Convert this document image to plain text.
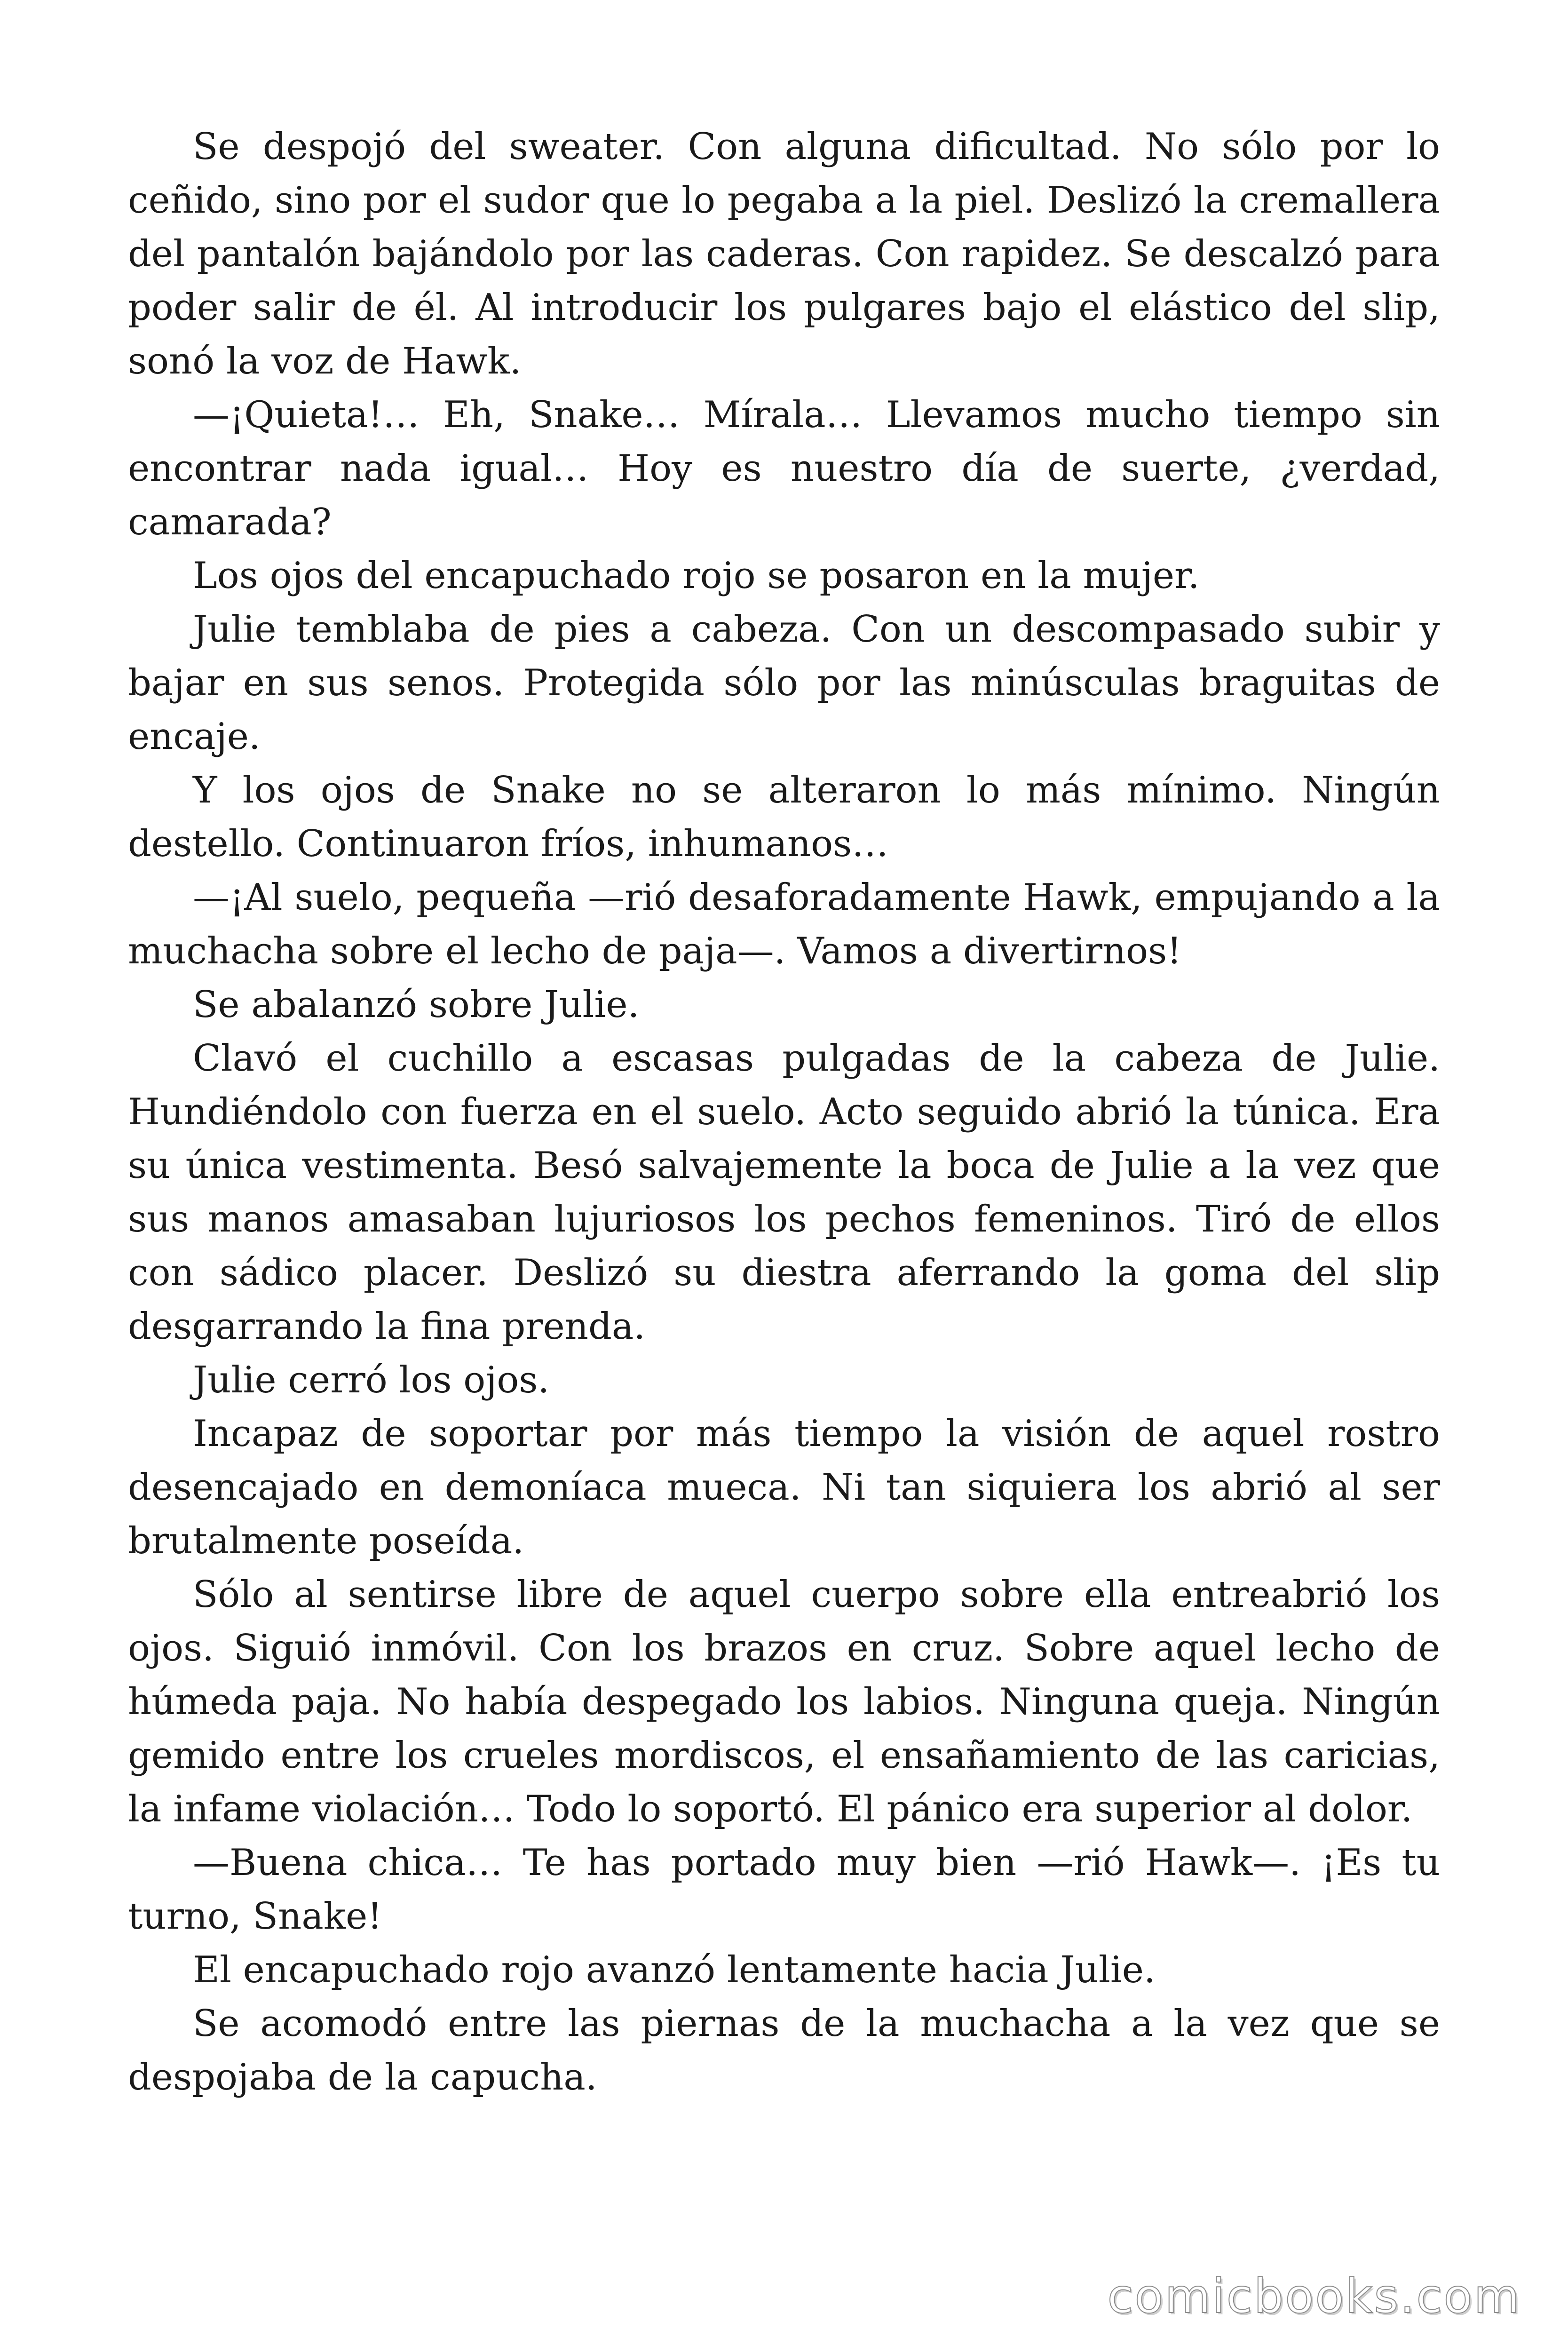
Se despojó del sweater. Con alguna dificultad. No sólo por lo ceñido, sino por el sudor que lo pegaba a la piel. Deslizó la cremallera del pantalón bajándolo por las caderas. Con rapidez. Se descalzó para poder salir de él. Al introducir los pulgares bajo el elástico del slip, sonó la voz de Hawk.

—¡Quieta!… Eh, Snake… Mírala… Llevamos mucho tiempo sin encontrar nada igual… Hoy es nuestro día de suerte, ¿verdad, camarada?

Los ojos del encapuchado rojo se posaron en la mujer.

Julie temblaba de pies a cabeza. Con un descompasado subir y bajar en sus senos. Protegida sólo por las minúsculas braguitas de encaje.

Y los ojos de Snake no se alteraron lo más mínimo. Ningún destello. Continuaron fríos, inhumanos…

—¡Al suelo, pequeña —rió desaforadamente Hawk, empujando a la muchacha sobre el lecho de paja—. Vamos a divertirnos!

Se abalanzó sobre Julie.

Clavó el cuchillo a escasas pulgadas de la cabeza de Julie. Hundiéndolo con fuerza en el suelo. Acto seguido abrió la túnica. Era su única vestimenta. Besó salvajemente la boca de Julie a la vez que sus manos amasaban lujuriosos los pechos femeninos. Tiró de ellos con sádico placer. Deslizó su diestra aferrando la goma del slip desgarrando la fina prenda.

Julie cerró los ojos.

Incapaz de soportar por más tiempo la visión de aquel rostro desencajado en demoníaca mueca. Ni tan siquiera los abrió al ser brutalmente poseída.

Sólo al sentirse libre de aquel cuerpo sobre ella entreabrió los ojos. Siguió inmóvil. Con los brazos en cruz. Sobre aquel lecho de húmeda paja. No había despegado los labios. Ninguna queja. Ningún gemido entre los crueles mordiscos, el ensañamiento de las caricias, la infame violación… Todo lo soportó. El pánico era superior al dolor.

—Buena chica… Te has portado muy bien —rió Hawk—. ¡Es tu turno, Snake!

El encapuchado rojo avanzó lentamente hacia Julie.

Se acomodó entre las piernas de la muchacha a la vez que se despojaba de la capucha.

comicbooks.com
